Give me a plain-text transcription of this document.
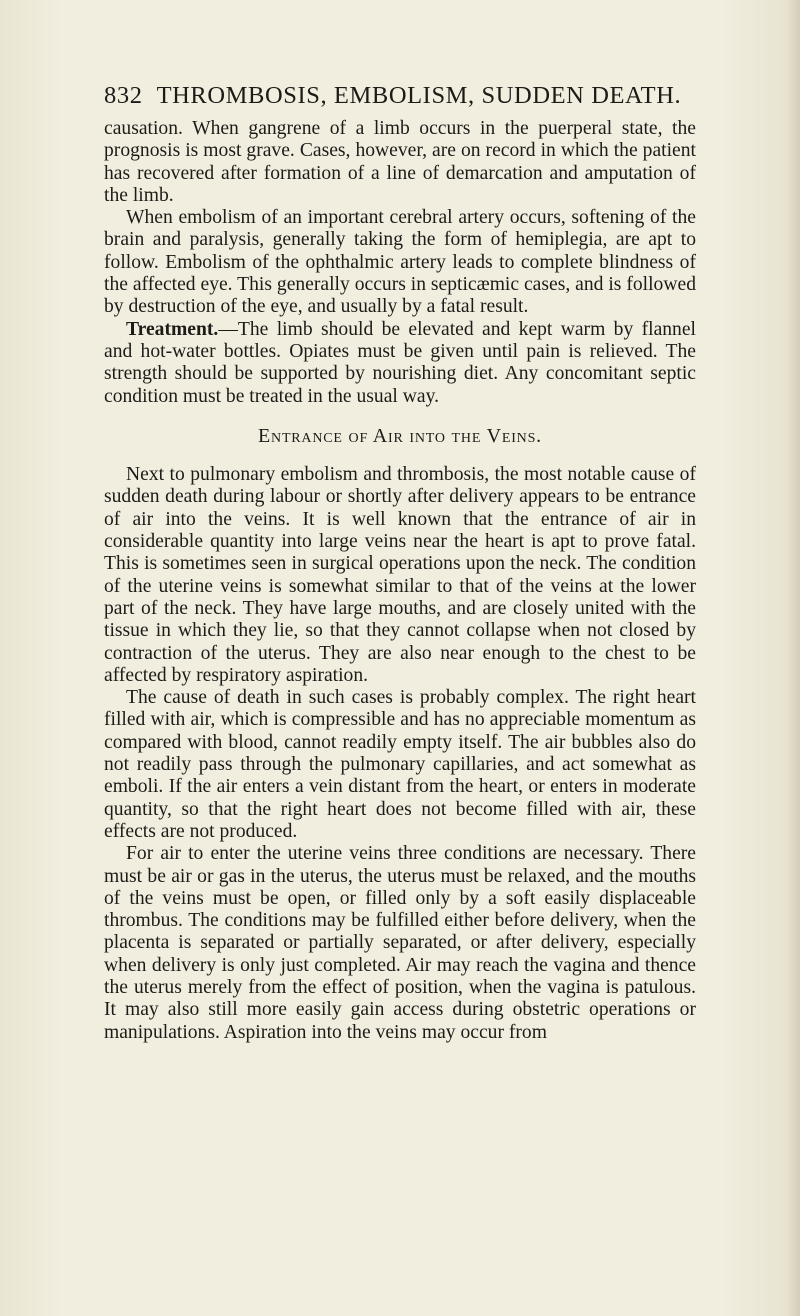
832 THROMBOSIS, EMBOLISM, SUDDEN DEATH.

causation. When gangrene of a limb occurs in the puerperal state, the prognosis is most grave. Cases, however, are on record in which the patient has recovered after formation of a line of demarcation and amputation of the limb.

When embolism of an important cerebral artery occurs, softening of the brain and paralysis, generally taking the form of hemiplegia, are apt to follow. Embolism of the ophthalmic artery leads to complete blindness of the affected eye. This generally occurs in septicæmic cases, and is followed by destruction of the eye, and usually by a fatal result.

Treatment.—The limb should be elevated and kept warm by flannel and hot-water bottles. Opiates must be given until pain is relieved. The strength should be supported by nourishing diet. Any concomitant septic condition must be treated in the usual way.

Entrance of Air into the Veins.

Next to pulmonary embolism and thrombosis, the most notable cause of sudden death during labour or shortly after delivery appears to be entrance of air into the veins. It is well known that the entrance of air in considerable quantity into large veins near the heart is apt to prove fatal. This is sometimes seen in surgical operations upon the neck. The condition of the uterine veins is somewhat similar to that of the veins at the lower part of the neck. They have large mouths, and are closely united with the tissue in which they lie, so that they cannot collapse when not closed by contraction of the uterus. They are also near enough to the chest to be affected by respiratory aspiration.

The cause of death in such cases is probably complex. The right heart filled with air, which is compressible and has no appreciable momentum as compared with blood, cannot readily empty itself. The air bubbles also do not readily pass through the pulmonary capillaries, and act somewhat as emboli. If the air enters a vein distant from the heart, or enters in moderate quantity, so that the right heart does not become filled with air, these effects are not produced.

For air to enter the uterine veins three conditions are necessary. There must be air or gas in the uterus, the uterus must be relaxed, and the mouths of the veins must be open, or filled only by a soft easily displaceable thrombus. The conditions may be fulfilled either before delivery, when the placenta is separated or partially separated, or after delivery, especially when delivery is only just completed. Air may reach the vagina and thence the uterus merely from the effect of position, when the vagina is patulous. It may also still more easily gain access during obstetric operations or manipulations. Aspiration into the veins may occur from
